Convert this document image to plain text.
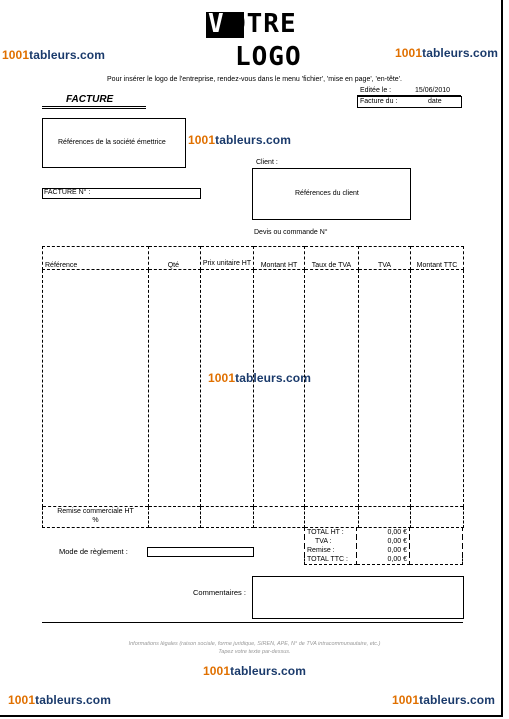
V OTRE
LOGO
1001tableurs.com	1001tableurs.com
1001tableurs.com
1001tableurs.com
1001tableurs.com
1001tableurs.com	1001tableurs.com
Pour insérer le logo de l'entreprise, rendez-vous dans le menu 'fichier', 'mise en page', 'en-tête'.
Editée le :	15/06/2010
Facture du :	date
FACTURE
Références de la société émettrice
Client :
Références du client
FACTURE N° :
Devis ou commande N°
Référence	Qté	Prix unitaire HT	Montant HT	Taux de TVA	TVA	Montant TTC

Remise commerciale HT
%						
TOTAL HT :	0,00 €	
TVA :	0,00 €	
Remise :	0,00 €	
TOTAL TTC :	0,00 €	
Mode de règlement :
Commentaires :
Informations légales (raison sociale, forme juridique, SIREN, APE, N° de TVA intracommunautaire, etc.)
Tapez votre texte par-dessus.
